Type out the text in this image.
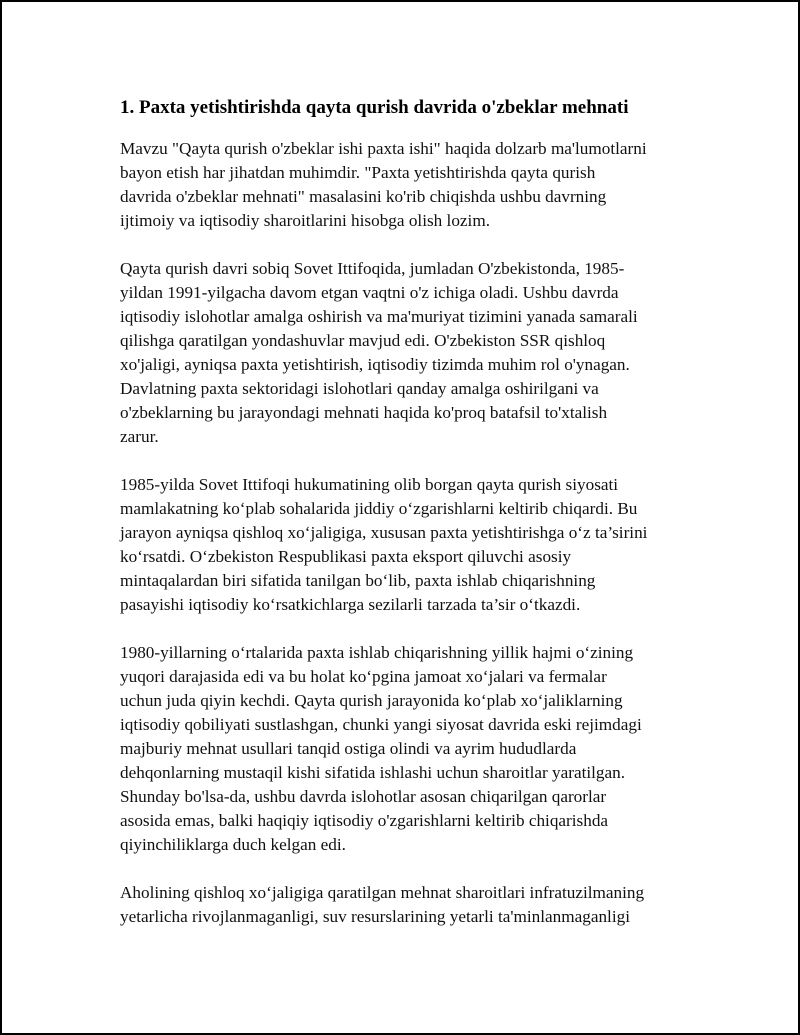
1. Paxta yetishtirishda qayta qurish davrida o'zbeklar mehnati

Mavzu "Qayta qurish o'zbeklar ishi paxta ishi" haqida dolzarb ma'lumotlarni
bayon etish har jihatdan muhimdir. "Paxta yetishtirishda qayta qurish
davrida o'zbeklar mehnati" masalasini ko'rib chiqishda ushbu davrning
ijtimoiy va iqtisodiy sharoitlarini hisobga olish lozim.

Qayta qurish davri sobiq Sovet Ittifoqida, jumladan O'zbekistonda, 1985-
yildan 1991-yilgacha davom etgan vaqtni o'z ichiga oladi. Ushbu davrda
iqtisodiy islohotlar amalga oshirish va ma'muriyat tizimini yanada samarali
qilishga qaratilgan yondashuvlar mavjud edi. O'zbekiston SSR qishloq
xo'jaligi, ayniqsa paxta yetishtirish, iqtisodiy tizimda muhim rol o'ynagan.
Davlatning paxta sektoridagi islohotlari qanday amalga oshirilgani va
o'zbeklarning bu jarayondagi mehnati haqida ko'proq batafsil to'xtalish
zarur.

1985-yilda Sovet Ittifoqi hukumatining olib borgan qayta qurish siyosati
mamlakatning ko‘plab sohalarida jiddiy o‘zgarishlarni keltirib chiqardi. Bu
jarayon ayniqsa qishloq xo‘jaligiga, xususan paxta yetishtirishga o‘z ta’sirini
ko‘rsatdi. O‘zbekiston Respublikasi paxta eksport qiluvchi asosiy
mintaqalardan biri sifatida tanilgan bo‘lib, paxta ishlab chiqarishning
pasayishi iqtisodiy ko‘rsatkichlarga sezilarli tarzada ta’sir o‘tkazdi.

1980-yillarning o‘rtalarida paxta ishlab chiqarishning yillik hajmi o‘zining
yuqori darajasida edi va bu holat ko‘pgina jamoat xo‘jalari va fermalar
uchun juda qiyin kechdi. Qayta qurish jarayonida ko‘plab xo‘jaliklarning
iqtisodiy qobiliyati sustlashgan, chunki yangi siyosat davrida eski rejimdagi
majburiy mehnat usullari tanqid ostiga olindi va ayrim hududlarda
dehqonlarning mustaqil kishi sifatida ishlashi uchun sharoitlar yaratilgan.
Shunday bo'lsa-da, ushbu davrda islohotlar asosan chiqarilgan qarorlar
asosida emas, balki haqiqiy iqtisodiy o'zgarishlarni keltirib chiqarishda
qiyinchiliklarga duch kelgan edi.

Aholining qishloq xo‘jaligiga qaratilgan mehnat sharoitlari infratuzilmaning
yetarlicha rivojlanmaganligi, suv resurslarining yetarli ta'minlanmaganligi
